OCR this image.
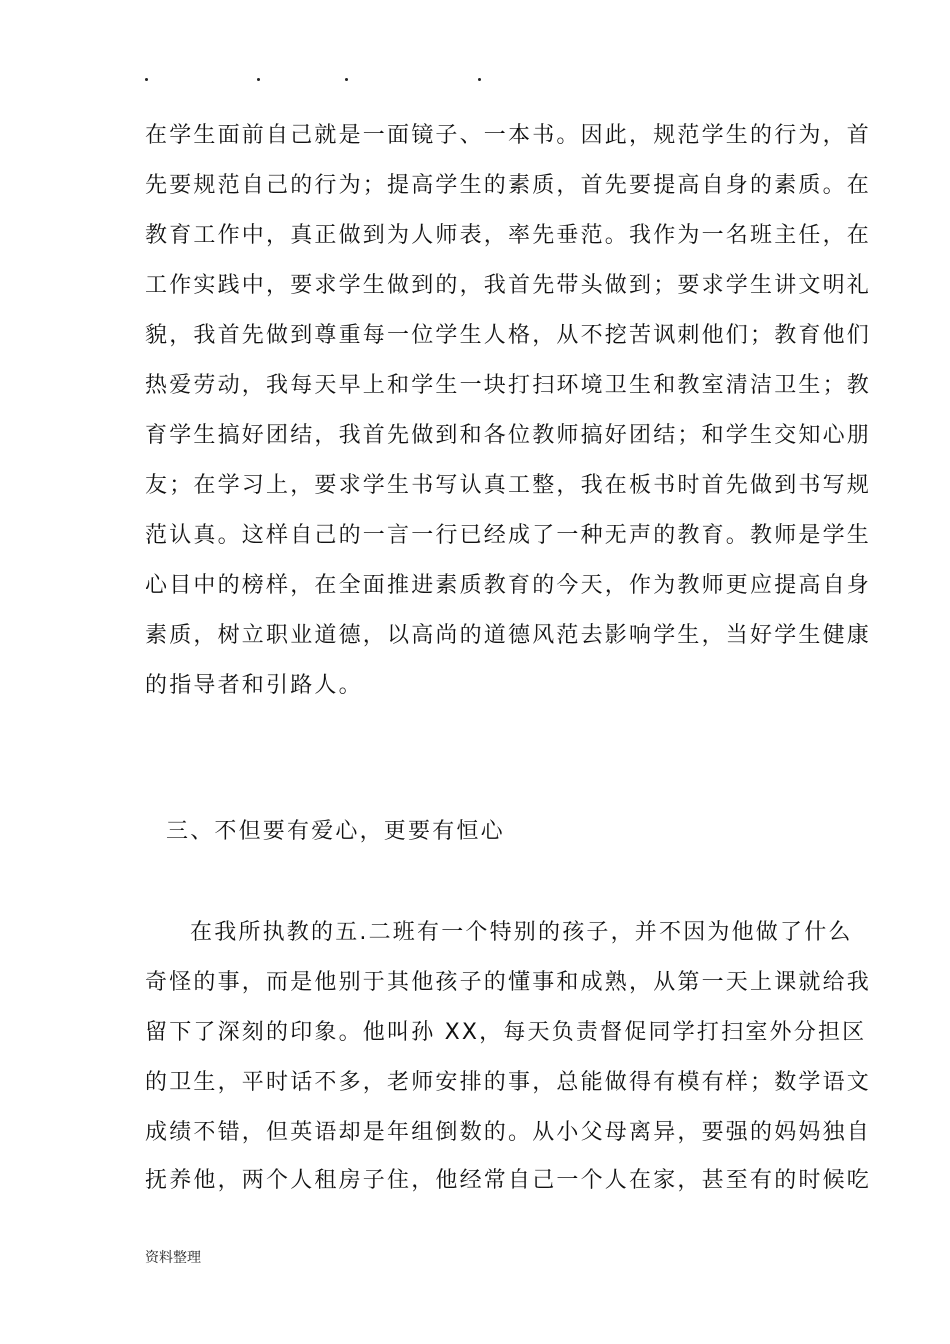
在学生面前自己就是一面镜子、一本书。因此，规范学生的行为，首
先要规范自己的行为；提高学生的素质，首先要提高自身的素质。在
教育工作中，真正做到为人师表，率先垂范。我作为一名班主任，在
工作实践中，要求学生做到的，我首先带头做到；要求学生讲文明礼
貌，我首先做到尊重每一位学生人格，从不挖苦讽刺他们；教育他们
热爱劳动，我每天早上和学生一块打扫环境卫生和教室清洁卫生；教
育学生搞好团结，我首先做到和各位教师搞好团结；和学生交知心朋
友；在学习上，要求学生书写认真工整，我在板书时首先做到书写规
范认真。这样自己的一言一行已经成了一种无声的教育。教师是学生
心目中的榜样，在全面推进素质教育的今天，作为教师更应提高自身
素质，树立职业道德，以高尚的道德风范去影响学生，当好学生健康
的指导者和引路人。
三、不但要有爱心，更要有恒心
在我所执教的五.二班有一个特别的孩子，并不因为他做了什么
奇怪的事，而是他别于其他孩子的懂事和成熟，从第一天上课就给我
留下了深刻的印象。他叫孙 XX，每天负责督促同学打扫室外分担区
的卫生，平时话不多，老师安排的事，总能做得有模有样；数学语文
成绩不错，但英语却是年组倒数的。从小父母离异，要强的妈妈独自
抚养他，两个人租房子住，他经常自己一个人在家，甚至有的时候吃
资料整理
